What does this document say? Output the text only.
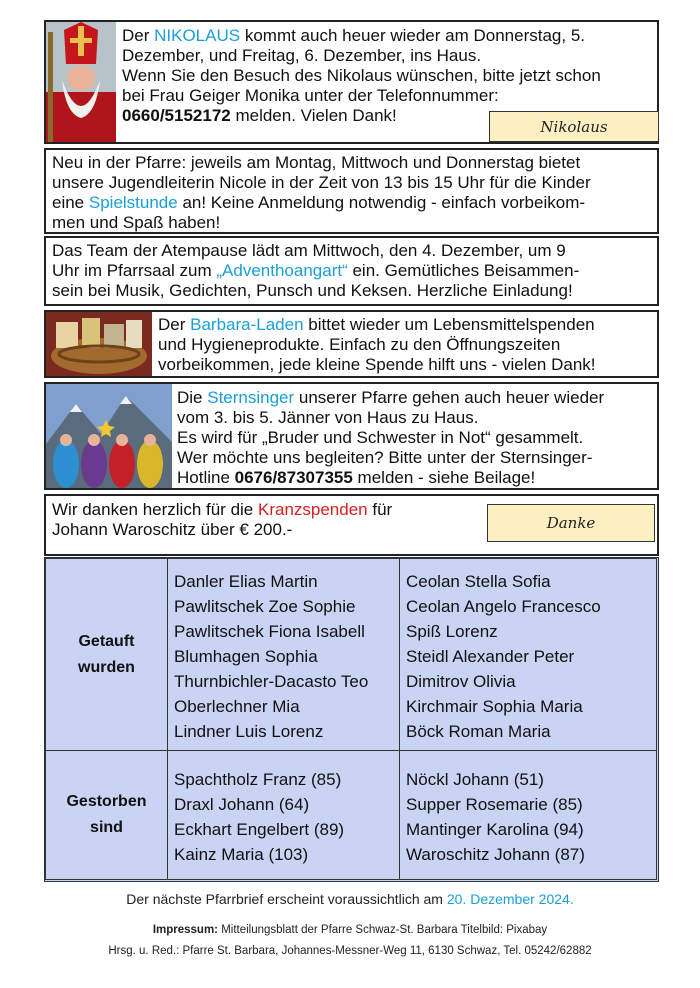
Der NIKOLAUS kommt auch heuer wieder am Donnerstag, 5.
Dezember, und Freitag, 6. Dezember, ins Haus.
Wenn Sie den Besuch des Nikolaus wünschen, bitte jetzt schon
bei Frau Geiger Monika unter der Telefonnummer:
0660/5152172 melden. Vielen Dank!
Nikolaus
Neu in der Pfarre: jeweils am Montag, Mittwoch und Donnerstag bietet
unsere Jugendleiterin Nicole in der Zeit von 13 bis 15 Uhr für die Kinder
eine Spielstunde an! Keine Anmeldung notwendig - einfach vorbeikom-
men und Spaß haben!
Das Team der Atempause lädt am Mittwoch, den 4. Dezember, um 9
Uhr im Pfarrsaal zum „Adventhoangart“ ein. Gemütliches Beisammen-
sein bei Musik, Gedichten, Punsch und Keksen. Herzliche Einladung!
Der Barbara-Laden bittet wieder um Lebensmittelspenden
und Hygieneprodukte. Einfach zu den Öffnungszeiten
vorbeikommen, jede kleine Spende hilft uns - vielen Dank!
Die Sternsinger unserer Pfarre gehen auch heuer wieder
vom 3. bis 5. Jänner von Haus zu Haus.
Es wird für „Bruder und Schwester in Not“ gesammelt.
Wer möchte uns begleiten? Bitte unter der Sternsinger-
Hotline 0676/87307355 melden - siehe Beilage!
Wir danken herzlich für die Kranzspenden für
Johann Waroschitz über € 200.-	Danke
Getauft
wurden
Danler Elias Martin
Pawlitschek Zoe Sophie
Pawlitschek Fiona Isabell
Blumhagen Sophia
Thurnbichler-Dacasto Teo
Oberlechner Mia
Lindner Luis Lorenz
Ceolan Stella Sofia
Ceolan Angelo Francesco
Spiß Lorenz
Steidl Alexander Peter
Dimitrov Olivia
Kirchmair Sophia Maria
Böck Roman Maria
Gestorben
sind
Spachtholz Franz (85)
Draxl Johann (64)
Eckhart Engelbert (89)
Kainz Maria (103)
Nöckl Johann (51)
Supper Rosemarie (85)
Mantinger Karolina (94)
Waroschitz Johann (87)
Der nächste Pfarrbrief erscheint voraussichtlich am 20. Dezember 2024.
Impressum: Mitteilungsblatt der Pfarre Schwaz-St. Barbara Titelbild: Pixabay
Hrsg. u. Red.: Pfarre St. Barbara, Johannes-Messner-Weg 11, 6130 Schwaz, Tel. 05242/62882
